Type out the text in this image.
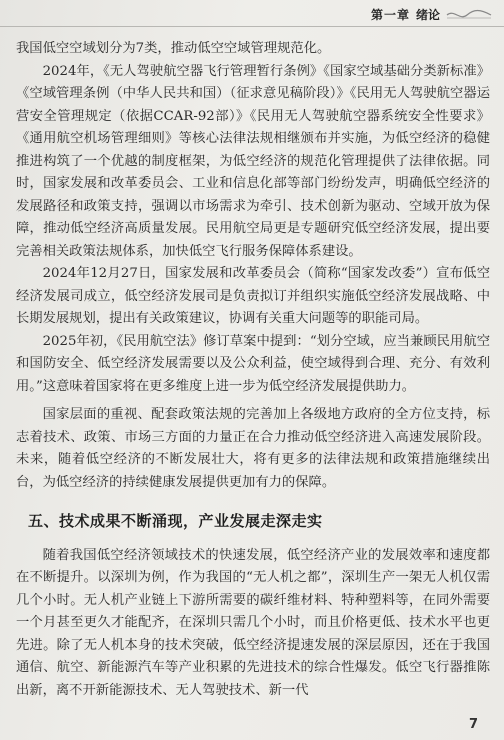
第一章 绪论

我国低空空域划分为7类，推动低空空域管理规范化。

2024年，《无人驾驶航空器飞行管理暂行条例》《国家空域基础分类新标准》《空域管理条例（中华人民共和国）（征求意见稿阶段）》《民用无人驾驶航空器运营安全管理规定（依据CCAR-92部）》《民用无人驾驶航空器系统安全性要求》《通用航空机场管理细则》等核心法律法规相继颁布并实施，为低空经济的稳健推进构筑了一个优越的制度框架，为低空经济的规范化管理提供了法律依据。同时，国家发展和改革委员会、工业和信息化部等部门纷纷发声，明确低空经济的发展路径和政策支持，强调以市场需求为牵引、技术创新为驱动、空域开放为保障，推动低空经济高质量发展。民用航空局更是专题研究低空经济发展，提出要完善相关政策法规体系，加快低空飞行服务保障体系建设。

2024年12月27日，国家发展和改革委员会（简称“国家发改委”）宣布低空经济发展司成立，低空经济发展司是负责拟订并组织实施低空经济发展战略、中长期发展规划，提出有关政策建议，协调有关重大问题等的职能司局。

2025年初，《民用航空法》修订草案中提到：“划分空域，应当兼顾民用航空和国防安全、低空经济发展需要以及公众利益，使空域得到合理、充分、有效利用。”这意味着国家将在更多维度上进一步为低空经济发展提供助力。

国家层面的重视、配套政策法规的完善加上各级地方政府的全方位支持，标志着技术、政策、市场三方面的力量正在合力推动低空经济进入高速发展阶段。未来，随着低空经济的不断发展壮大，将有更多的法律法规和政策措施继续出台，为低空经济的持续健康发展提供更加有力的保障。

五、技术成果不断涌现，产业发展走深走实

随着我国低空经济领域技术的快速发展，低空经济产业的发展效率和速度都在不断提升。以深圳为例，作为我国的“无人机之都”，深圳生产一架无人机仅需几个小时。无人机产业链上下游所需要的碳纤维材料、特种塑料等，在同外需要一个月甚至更久才能配齐，在深圳只需几个小时，而且价格更低、技术水平也更先进。除了无人机本身的技术突破，低空经济提速发展的深层原因，还在于我国通信、航空、新能源汽车等产业积累的先进技术的综合性爆发。低空飞行器推陈出新，离不开新能源技术、无人驾驶技术、新一代

7
